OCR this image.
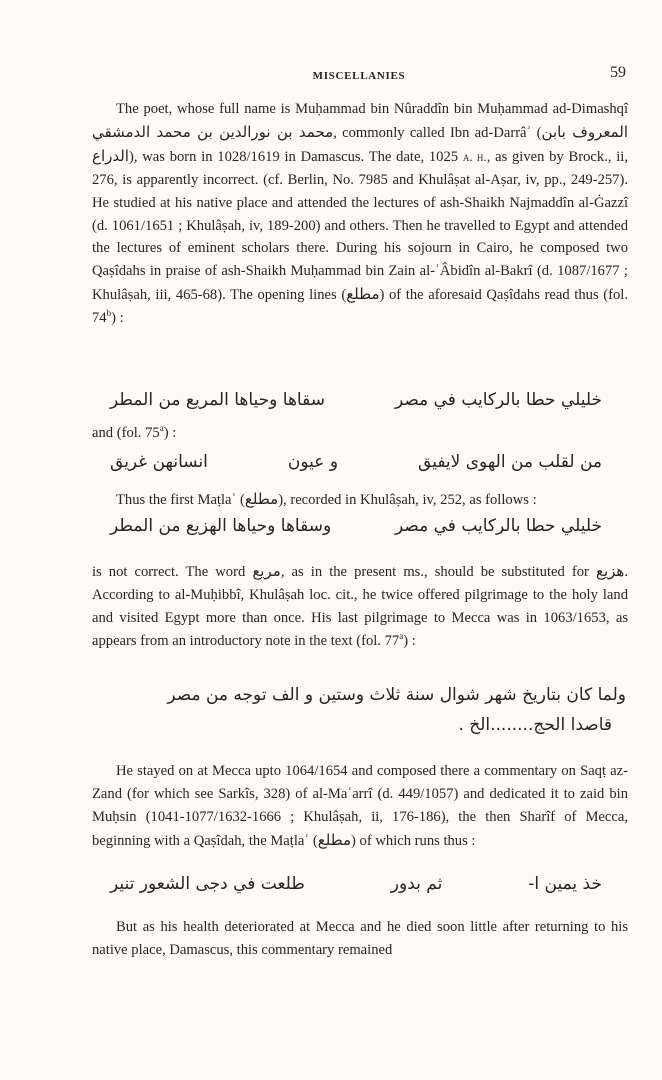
MISCELLANIES	59

The poet, whose full name is Muḥammad bin Nûraddîn bin Muḥammad ad-Dimashqî محمد بن نورالدين بن محمد الدمشقي, commonly called Ibn ad-Darrâʾ (المعروف بابن الدراع), was born in 1028/1619 in Damascus. The date, 1025 a. h., as given by Brock., ii, 276, is apparently incorrect. (cf. Berlin, No. 7985 and Khulâṣat al-Aṣar, iv, pp., 249-257). He studied at his native place and attended the lectures of ash-Shaikh Najmaddîn al-Ġazzî (d. 1061/1651 ; Khulâṣah, iv, 189-200) and others. Then he travelled to Egypt and attended the lectures of eminent scholars there. During his sojourn in Cairo, he composed two Qaṣîdahs in praise of ash-Shaikh Muḥammad bin Zain al-ʿÂbidîn al-Bakrî (d. 1087/1677 ; Khulâṣah, iii, 465-68). The opening lines (مطلع) of the aforesaid Qaṣîdahs read thus (fol. 74$^b$) :

خليلي حطا بالركايب في مصر
سقاها وحياها المريع من المطر

and (fol. 75$^a$) :

من لقلب من الهوى لايفيق
و عيون
انسانهن غريق

Thus the first Maṭlaʿ (مطلع), recorded in Khulâṣah, iv, 252, as follows :

خليلي حطا بالركايب في مصر
وسقاها وحياها الهزيع من المطر

is not correct. The word مريع, as in the present ms., should be substituted for هزيع. According to al-Muḥibbî, Khulâṣah loc. cit., he twice offered pilgrimage to the holy land and visited Egypt more than once. His last pilgrimage to Mecca was in 1063/1653, as appears from an introductory note in the text (fol. 77$^a$) :

ولما كان بتاريخ شهر شوال سنة ثلاث وستين و الف توجه من مصر
قاصدا الحج........الخ .

He stayed on at Mecca upto 1064/1654 and composed there a commentary on Saqṭ az-Zand (for which see Sarkîs, 328) of al-Maʿarrî (d. 449/1057) and dedicated it to zaid bin Muḥsin (1041-1077/1632-1666 ; Khulâṣah, ii, 176-186), the then Sharîf of Mecca, beginning with a Qaṣîdah, the Maṭlaʿ (مطلع) of which runs thus :

خذ يمين ا-
ثم بدور
طلعت في دجى الشعور تنير

But as his health deteriorated at Mecca and he died soon little after returning to his native place, Damascus, this commentary remained
